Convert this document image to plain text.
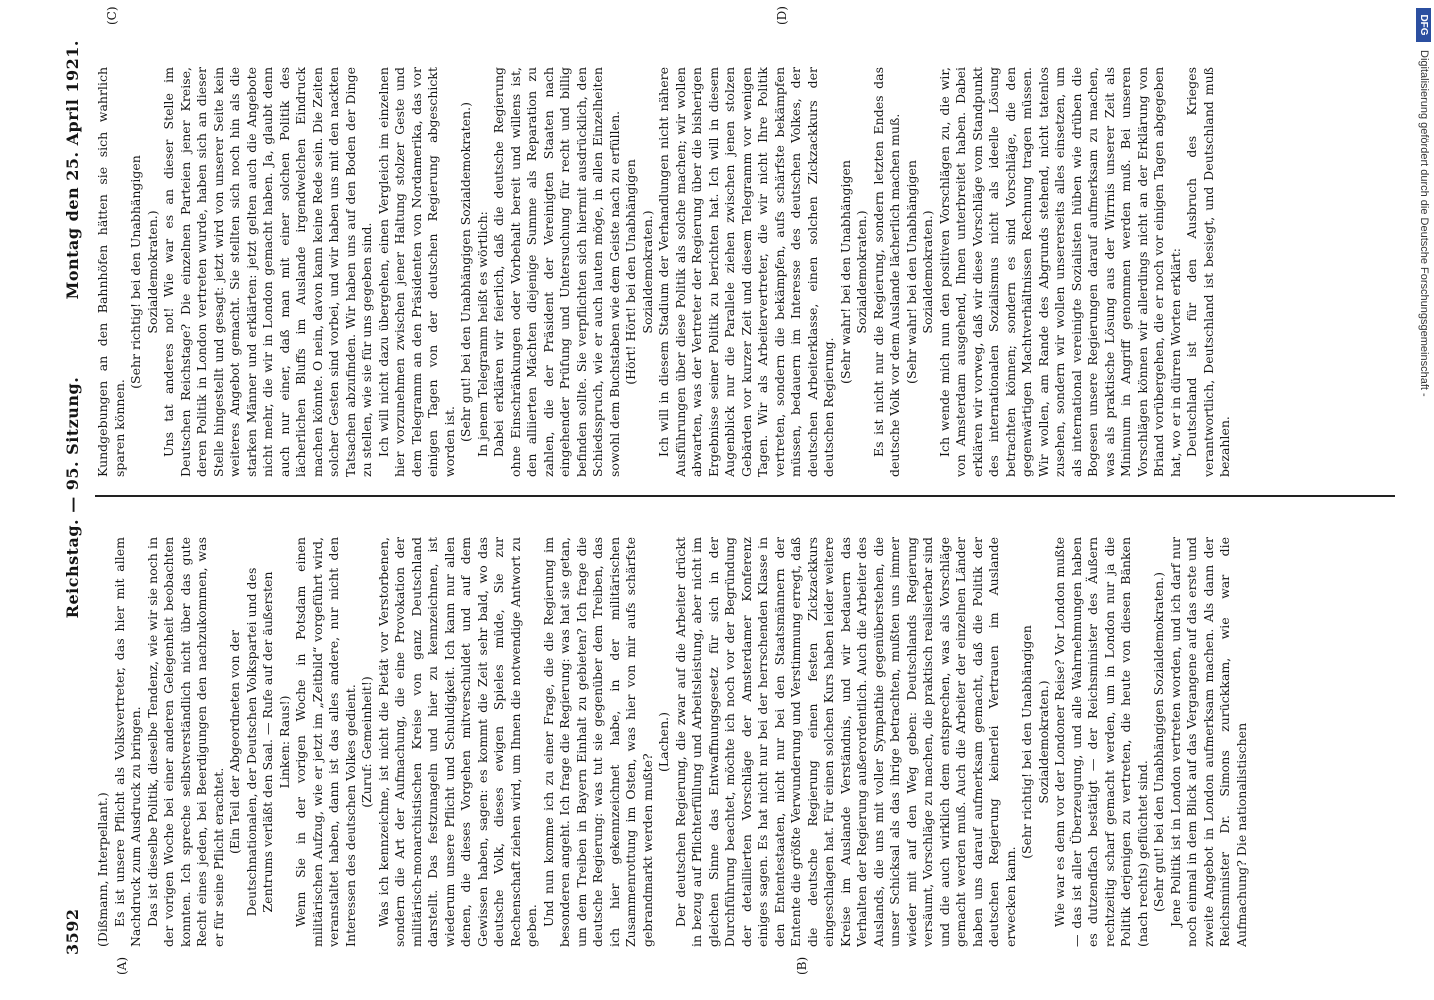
3592
Reichstag. — 95. Sitzung.
Montag den 25. April 1921.
(A)	(B)
(C)	(D)

(Dißmann, Interpellant.) Es ist unsere Pflicht als Volksvertreter, das hier mit allem Nachdruck zum Ausdruck zu bringen. Das ist dieselbe Politik, dieselbe Tendenz, wie wir sie noch in der vorigen Woche bei einer anderen Gelegenheit beobachten konnten. Ich spreche selbstverständlich nicht über das gute Recht eines jeden, bei Beerdigungen den nachzukommen, was er für seine Pflicht erachtet.

(Ein Teil der Abgeordneten von der Deutschnationalen, der Deutschen Volkspartei und des Zentrums verläßt den Saal. — Rufe auf der äußersten Linken: Raus!) Wenn Sie in der vorigen Woche in Potsdam einen militärischen Aufzug, wie er jetzt im „Zeitbild“ vorgeführt wird, veranstaltet haben, dann ist das alles andere, nur nicht den Interessen des deutschen Volkes gedient. (Zuruf: Gemeinheit!) Was ich kennzeichne, ist nicht die Pietät vor Verstorbenen, sondern die Art der Aufmachung, die eine Provokation der militärisch-monarchistischen Kreise von ganz Deutschland darstellt. Das festzunageln und hier zu kennzeichnen, ist wiederum unsere Pflicht und Schuldigkeit. Ich kann nur allen denen, die dieses Vorgehen mitverschuldet und auf dem Gewissen haben, sagen: es kommt die Zeit sehr bald, wo das deutsche Volk, dieses ewigen Spieles müde, Sie zur Rechenschaft ziehen wird, um Ihnen die notwendige Antwort zu geben. Und nun komme ich zu einer Frage, die die Regierung im besonderen angeht. Ich frage die Regierung: was hat sie getan, um dem Treiben in Bayern Einhalt zu gebieten? Ich frage die deutsche Regierung: was tut sie gegenüber dem Treiben, das ich hier gekennzeichnet habe, in der militärischen Zusammenrottung im Osten, was hier von mir aufs schärfste gebrandmarkt werden mußte?

(Lachen.) Der deutschen Regierung, die zwar auf die Arbeiter drückt in bezug auf Pflichterfüllung und Arbeitsleistung, aber nicht im gleichen Sinne das Entwaffnungsgesetz für sich in der Durchführung beachtet, möchte ich noch vor der Begründung der detaillierten Vorschläge der Amsterdamer Konferenz einiges sagen. Es hat nicht nur bei der herrschenden Klasse in den Ententestaaten, nicht nur bei den Staatsmännern der Entente die größte Verwunderung und Verstimmung erregt, daß die deutsche Regierung einen festen Zickzackkurs eingeschlagen hat. Für einen solchen Kurs haben leider weitere Kreise im Auslande Verständnis, und wir bedauern das Verhalten der Regierung außerordentlich. Auch die Arbeiter des Auslands, die uns mit voller Sympathie gegenüberstehen, die unser Schicksal als das ihrige betrachten, mußten uns immer wieder mit auf den Weg geben: Deutschlands Regierung versäumt, Vorschläge zu machen, die praktisch realisierbar sind und die auch wirklich dem entsprechen, was als Vorschläge gemacht werden muß. Auch die Arbeiter der einzelnen Länder haben uns darauf aufmerksam gemacht, daß die Politik der deutschen Regierung keinerlei Vertrauen im Auslande erwecken kann.

(Sehr richtig! bei den Unabhängigen Sozialdemokraten.) Wie war es denn vor der Londoner Reise? Vor London mußte — das ist aller Überzeugung, und alle Wahrnehmungen haben es dutzendfach bestätigt — der Reichsminister des Äußern rechtzeitig scharf gemacht werden, um in London nur ja die Politik derjenigen zu vertreten, die heute von diesen Bänken (nach rechts) geflüchtet sind. (Sehr gut! bei den Unabhängigen Sozialdemokraten.) Jene Politik ist in London vertreten worden, und ich darf nur noch einmal in dem Blick auf das Vergangene auf das erste und zweite Angebot in London aufmerksam machen. Als dann der Reichsminister Dr. Simons zurückkam, wie war die Aufmachung? Die nationalistischen

Kundgebungen an den Bahnhöfen hätten sie sich wahrlich sparen können.

(Sehr richtig! bei den Unabhängigen Sozialdemokraten.) Uns tat anderes not! Wie war es an dieser Stelle im Deutschen Reichstage? Die einzelnen Parteien jener Kreise, deren Politik in London vertreten wurde, haben sich an dieser Stelle hingestellt und gesagt: jetzt wird von unserer Seite kein weiteres Angebot gemacht. Sie stellten sich noch hin als die starken Männer und erklärten: jetzt gelten auch die Angebote nicht mehr, die wir in London gemacht haben. Ja, glaubt denn auch nur einer, daß man mit einer solchen Politik des lächerlichen Bluffs im Auslande irgendwelchen Eindruck machen könnte. O nein, davon kann keine Rede sein. Die Zeiten solcher Gesten sind vorbei, und wir haben uns mit den nackten Tatsachen abzufinden. Wir haben uns auf den Boden der Dinge zu stellen, wie sie für uns gegeben sind. Ich will nicht dazu übergehen, einen Vergleich im einzelnen hier vorzunehmen zwischen jener Haltung stolzer Geste und dem Telegramm an den Präsidenten von Nordamerika, das vor einigen Tagen von der deutschen Regierung abgeschickt worden ist. (Sehr gut! bei den Unabhängigen Sozialdemokraten.) In jenem Telegramm heißt es wörtlich: Dabei erklären wir feierlich, daß die deutsche Regierung ohne Einschränkungen oder Vorbehalt bereit und willens ist, den alliierten Mächten diejenige Summe als Reparation zu zahlen, die der Präsident der Vereinigten Staaten nach eingehender Prüfung und Untersuchung für recht und billig befinden sollte. Sie verpflichten sich hiermit ausdrücklich, den Schiedsspruch, wie er auch lauten möge, in allen Einzelheiten sowohl dem Buchstaben wie dem Geiste nach zu erfüllen. (Hört! Hört! bei den Unabhängigen Sozialdemokraten.) Ich will in diesem Stadium der Verhandlungen nicht nähere Ausführungen über diese Politik als solche machen; wir wollen abwarten, was der Vertreter der Regierung über die bisherigen Ergebnisse seiner Politik zu berichten hat. Ich will in diesem Augenblick nur die Parallele ziehen zwischen jenen stolzen Gebärden vor kurzer Zeit und diesem Telegramm vor wenigen Tagen. Wir als Arbeitervertreter, die wir nicht Ihre Politik vertreten, sondern die bekämpfen, aufs schärfste bekämpfen müssen, bedauern im Interesse des deutschen Volkes, der deutschen Arbeiterklasse, einen solchen Zickzackkurs der deutschen Regierung.

(Sehr wahr! bei den Unabhängigen Sozialdemokraten.) Es ist nicht nur die Regierung, sondern letzten Endes das deutsche Volk vor dem Auslande lächerlich machen muß. (Sehr wahr! bei den Unabhängigen Sozialdemokraten.) Ich wende mich nun den positiven Vorschlägen zu, die wir, von Amsterdam ausgehend, Ihnen unterbreitet haben. Dabei erklären wir vorweg, daß wir diese Vorschläge vom Standpunkt des internationalen Sozialismus nicht als ideelle Lösung betrachten können; sondern es sind Vorschläge, die den gegenwärtigen Machtverhältnissen Rechnung tragen müssen. Wir wollen, am Rande des Abgrunds stehend, nicht tatenlos zusehen, sondern wir wollen unsererseits alles einsetzen, um als international vereinigte Sozialisten hüben wie drüben die Bogesen unsere Regierungen darauf aufmerksam zu machen, was als praktische Lösung aus der Wirrnis unserer Zeit als Minimum in Angriff genommen werden muß. Bei unseren Vorschlägen können wir allerdings nicht an der Erklärung von Briand vorübergehen, die er noch vor einigen Tagen abgegeben hat, wo er in dürren Worten erklärt: Deutschland ist für den Ausbruch des Krieges verantwortlich, Deutschland ist besiegt, und Deutschland muß bezahlen.

DFG
Digitalisierung gefördert durch die Deutsche Forschungsgemeinschaft -
